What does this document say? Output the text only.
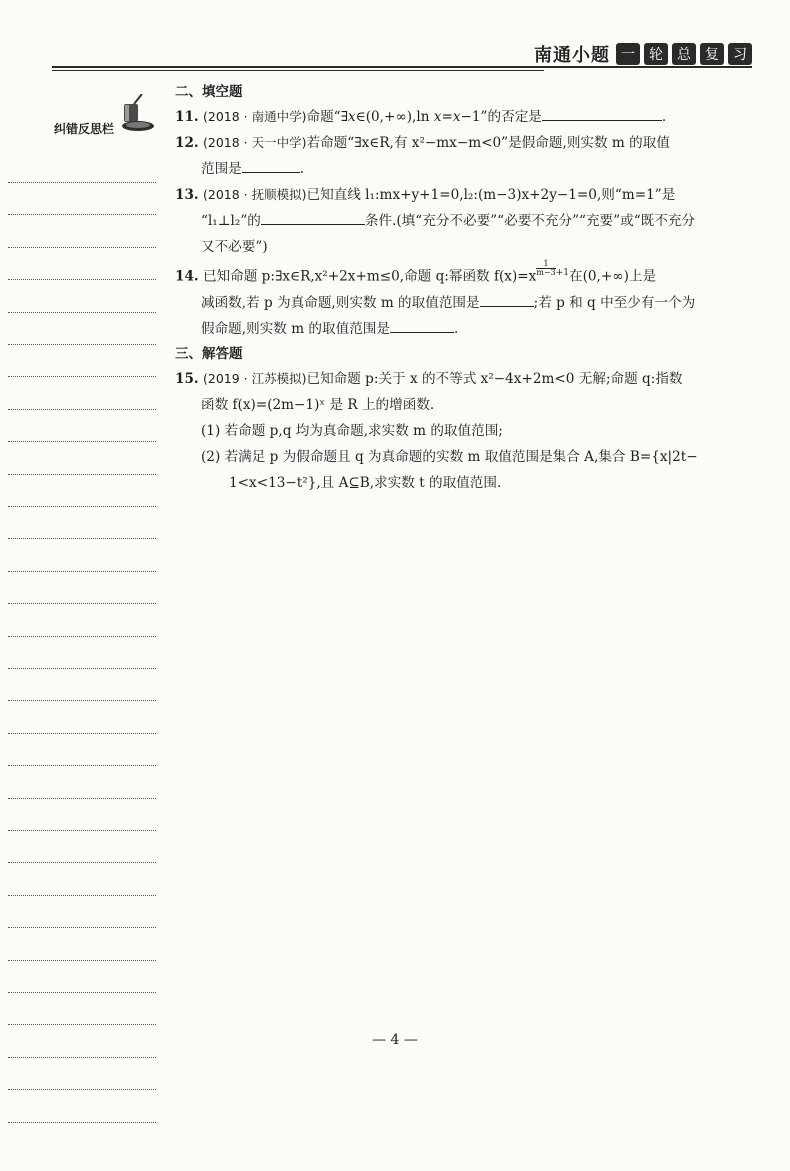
南通小题 一	轮	总	复	习
纠错反思栏
二、填空题
11. (2018 · 南通中学)命题“∃x∈(0,+∞),ln x=x−1”的否定是	.
12. (2018 · 天一中学)若命题“∃x∈R,有 x²−mx−m<0”是假命题,则实数 m 的取值
范围是	.
13. (2018 · 抚顺模拟)已知直线 l₁:mx+y+1=0,l₂:(m−3)x+2y−1=0,则“m=1”是
“l₁⊥l₂”的	条件.(填“充分不必要”“必要不充分”“充要”或“既不充分
又不必要”)
14. 已知命题 p:∃x∈R,x²+2x+m≤0,命题 q:幂函数 $f(x)=x \frac{1}{m-3} ^{+1}$在(0,+∞)上是
减函数,若 p 为真命题,则实数 m 的取值范围是	;若 p 和 q 中至少有一个为
假命题,则实数 m 的取值范围是	.
三、解答题
15. (2019 · 江苏模拟)已知命题 p:关于 x 的不等式 x²−4x+2m<0 无解;命题 q:指数
函数 f(x)=(2m−1)ˣ 是 R 上的增函数.
(1) 若命题 p,q 均为真命题,求实数 m 的取值范围;
(2) 若满足 p 为假命题且 q 为真命题的实数 m 取值范围是集合 A,集合 B={x|2t−
1<x<13−t²},且 A⊆B,求实数 t 的取值范围.
— 4 —
